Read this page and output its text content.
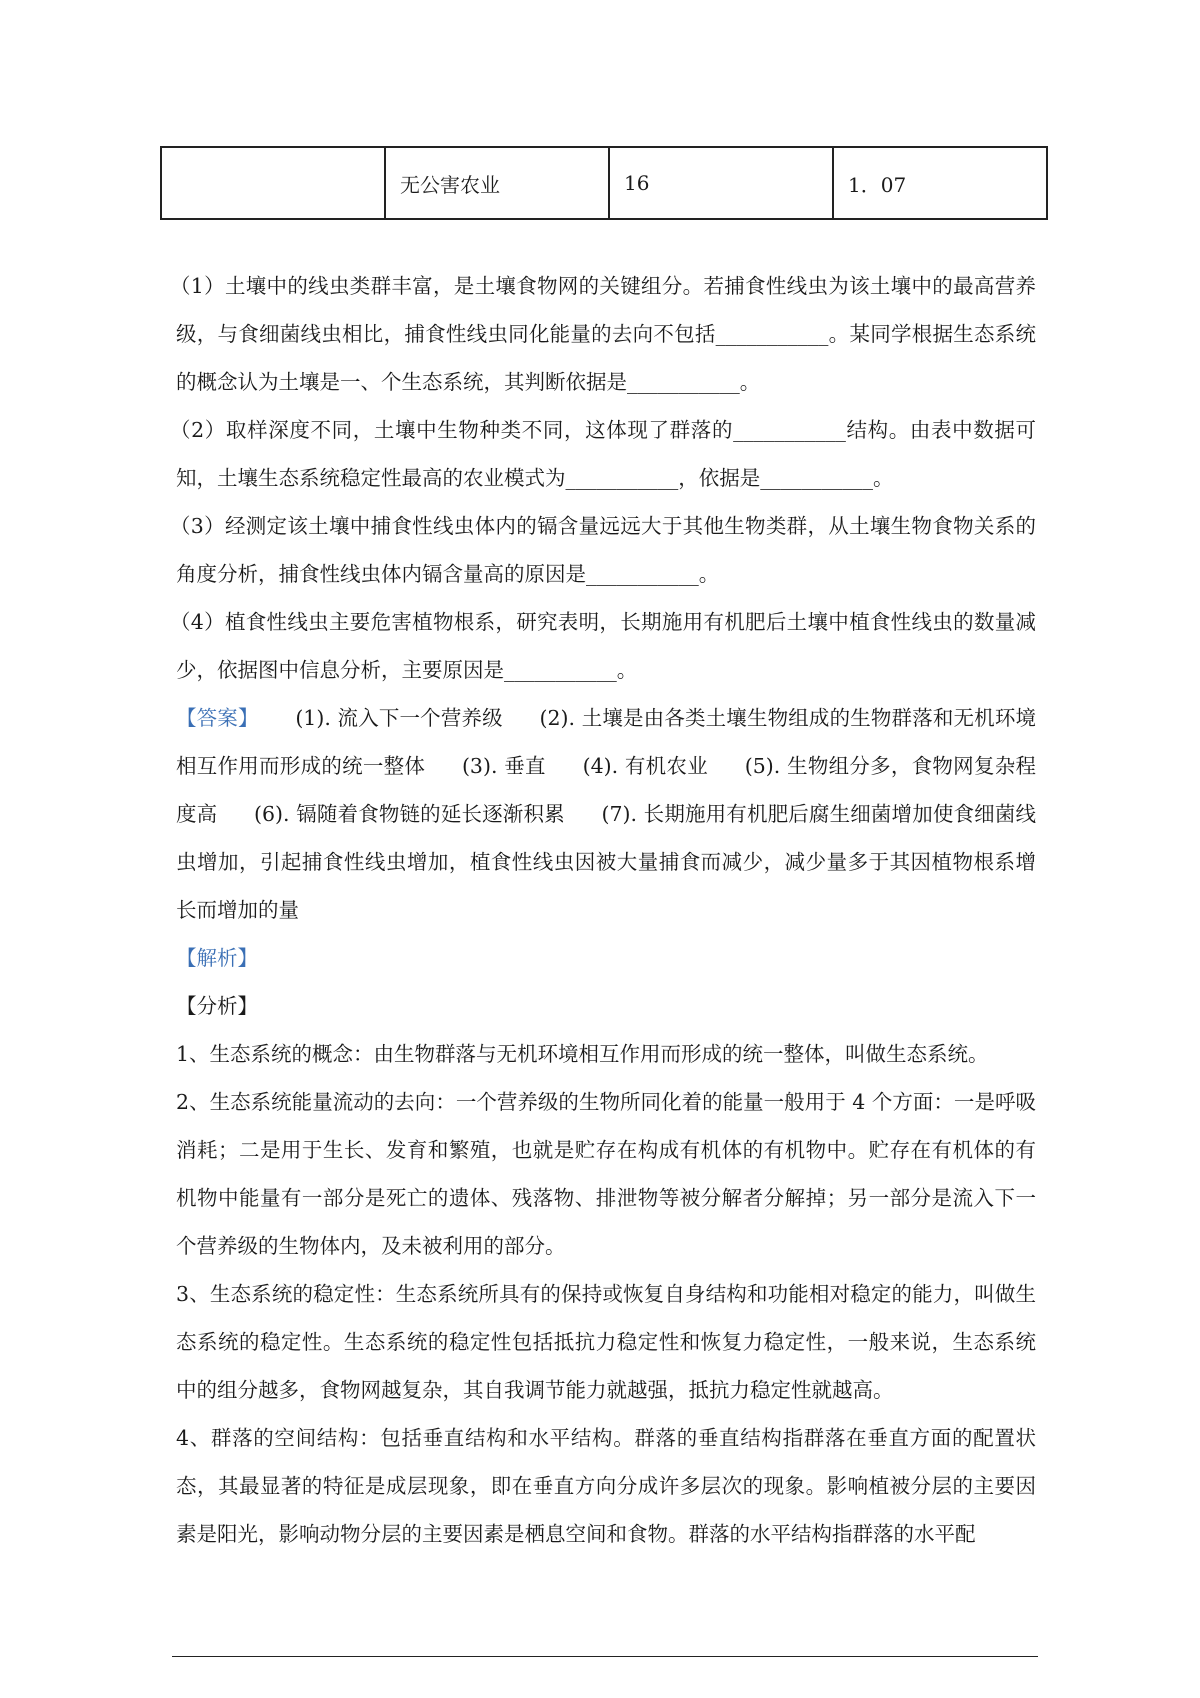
	无公害农业	16	1．07

（1）土壤中的线虫类群丰富，是土壤食物网的关键组分。若捕食性线虫为该土壤中的最高营养级，与食细菌线虫相比，捕食性线虫同化能量的去向不包括___________。某同学根据生态系统的概念认为土壤是一、个生态系统，其判断依据是___________。

（2）取样深度不同，土壤中生物种类不同，这体现了群落的___________结构。由表中数据可知，土壤生态系统稳定性最高的农业模式为___________，依据是___________。

（3）经测定该土壤中捕食性线虫体内的镉含量远远大于其他生物类群，从土壤生物食物关系的角度分析，捕食性线虫体内镉含量高的原因是___________。

（4）植食性线虫主要危害植物根系，研究表明，长期施用有机肥后土壤中植食性线虫的数量减少，依据图中信息分析，主要原因是___________。

【答案】 (1). 流入下一个营养级 (2). 土壤是由各类土壤生物组成的生物群落和无机环境相互作用而形成的统一整体 (3). 垂直 (4). 有机农业 (5). 生物组分多，食物网复杂程度高 (6). 镉随着食物链的延长逐渐积累 (7). 长期施用有机肥后腐生细菌增加使食细菌线虫增加，引起捕食性线虫增加，植食性线虫因被大量捕食而减少，减少量多于其因植物根系增长而增加的量

【解析】

【分析】

1、生态系统的概念：由生物群落与无机环境相互作用而形成的统一整体，叫做生态系统。

2、生态系统能量流动的去向：一个营养级的生物所同化着的能量一般用于 4 个方面：一是呼吸消耗；二是用于生长、发育和繁殖，也就是贮存在构成有机体的有机物中。贮存在有机体的有机物中能量有一部分是死亡的遗体、残落物、排泄物等被分解者分解掉；另一部分是流入下一个营养级的生物体内，及未被利用的部分。

3、生态系统的稳定性：生态系统所具有的保持或恢复自身结构和功能相对稳定的能力，叫做生态系统的稳定性。生态系统的稳定性包括抵抗力稳定性和恢复力稳定性，一般来说，生态系统中的组分越多，食物网越复杂，其自我调节能力就越强，抵抗力稳定性就越高。

4、群落的空间结构：包括垂直结构和水平结构。群落的垂直结构指群落在垂直方面的配置状态，其最显著的特征是成层现象，即在垂直方向分成许多层次的现象。影响植被分层的主要因素是阳光，影响动物分层的主要因素是栖息空间和食物。群落的水平结构指群落的水平配
